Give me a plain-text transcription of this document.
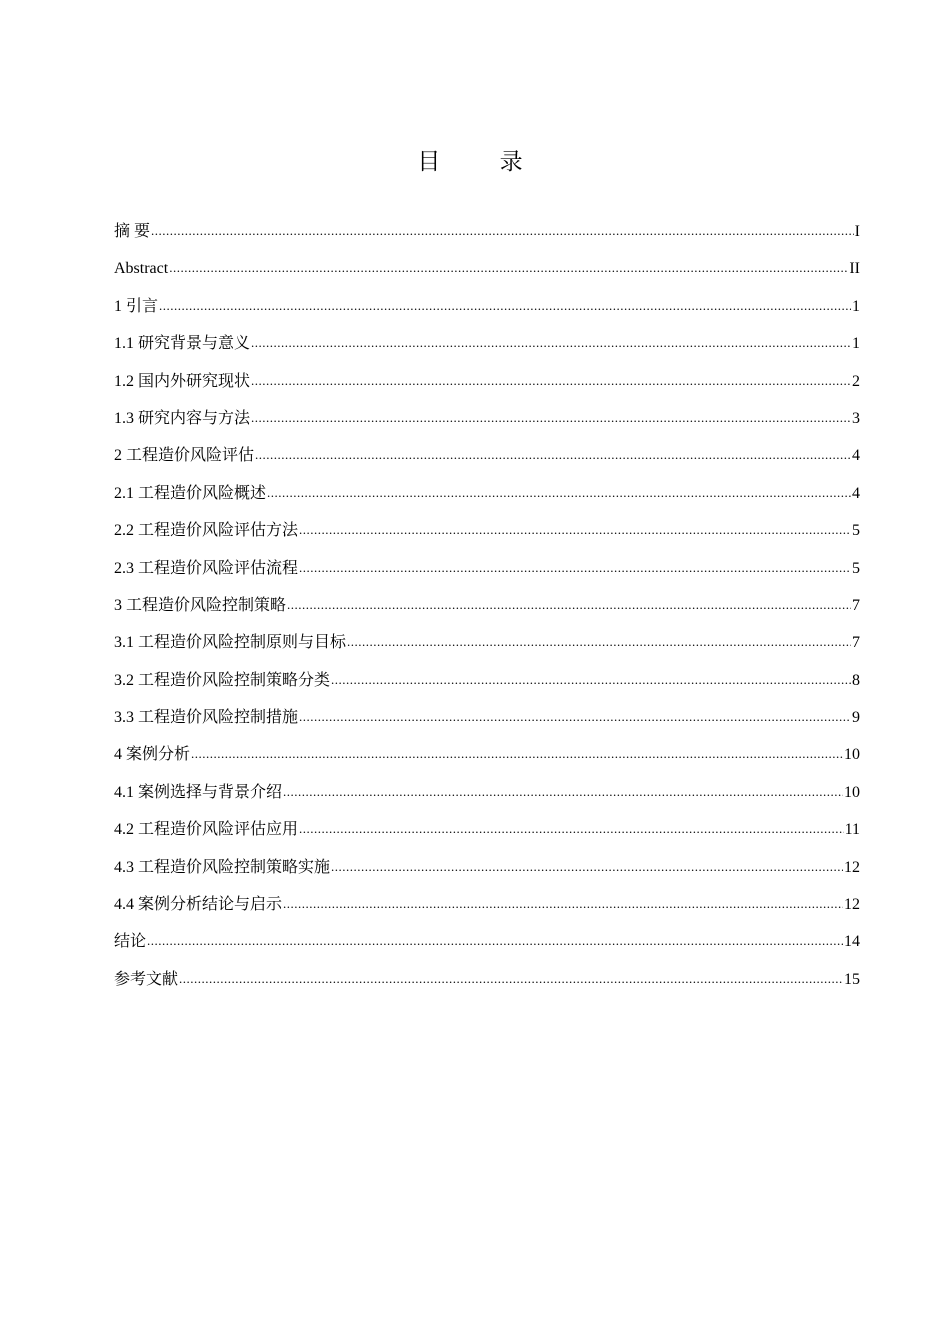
目 录
摘 要 .....	I
Abstract .....	II
1 引言 .....	1
1.1 研究背景与意义 .....	1
1.2 国内外研究现状 .....	2
1.3 研究内容与方法 .....	3
2 工程造价风险评估 .....	4
2.1 工程造价风险概述 .....	4
2.2 工程造价风险评估方法 .....	5
2.3 工程造价风险评估流程 .....	5
3 工程造价风险控制策略 .....	7
3.1 工程造价风险控制原则与目标 .....	7
3.2 工程造价风险控制策略分类 .....	8
3.3 工程造价风险控制措施 .....	9
4 案例分析 .....	10
4.1 案例选择与背景介绍 .....	10
4.2 工程造价风险评估应用 .....	11
4.3 工程造价风险控制策略实施 .....	12
4.4 案例分析结论与启示 .....	12
结论 .....	14
参考文献 .....	15
